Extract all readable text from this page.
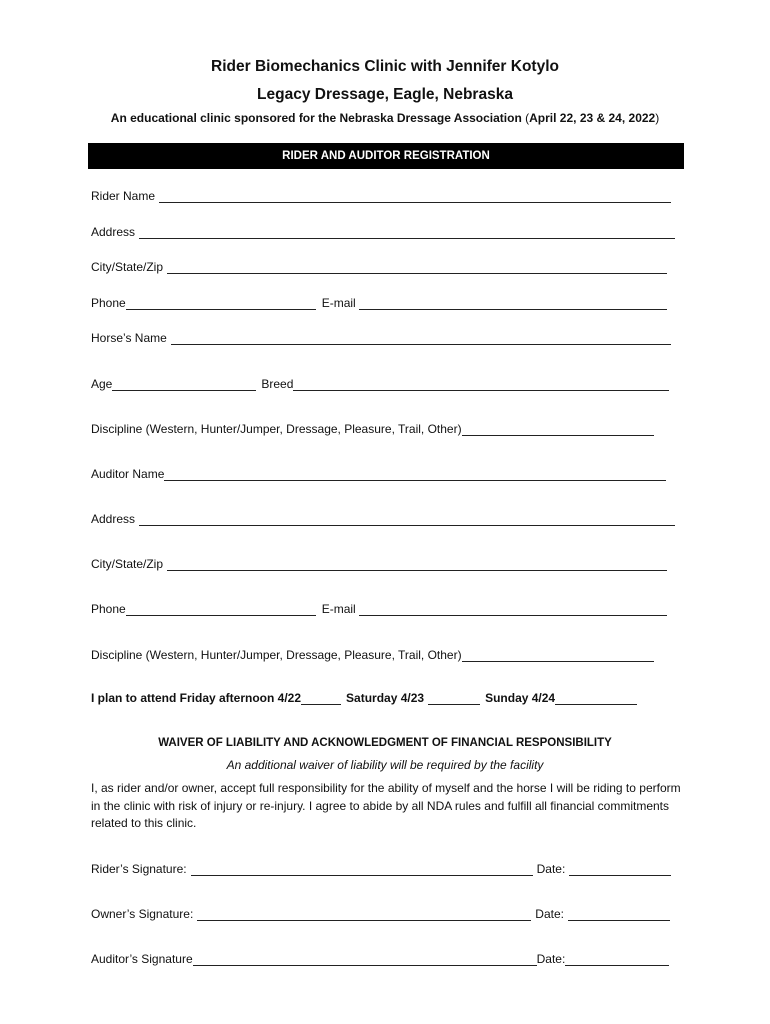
Rider Biomechanics Clinic with Jennifer Kotylo
Legacy Dressage, Eagle, Nebraska
An educational clinic sponsored for the Nebraska Dressage Association (April 22, 23 & 24, 2022)
RIDER AND AUDITOR REGISTRATION
Rider Name
Address
City/State/Zip
Phone	E-mail
Horse’s Name
Age	Breed
Discipline (Western, Hunter/Jumper, Dressage, Pleasure, Trail, Other)
Auditor Name
Address
City/State/Zip
Phone	E-mail
Discipline (Western, Hunter/Jumper, Dressage, Pleasure, Trail, Other)
I plan to attend Friday afternoon 4/22	Saturday 4/23	Sunday 4/24
WAIVER OF LIABILITY AND ACKNOWLEDGMENT OF FINANCIAL RESPONSIBILITY
An additional waiver of liability will be required by the facility
I, as rider and/or owner, accept full responsibility for the ability of myself and the horse I will be riding to perform in the clinic with risk of injury or re-injury. I agree to abide by all NDA rules and fulfill all financial commitments related to this clinic.
Rider’s Signature:	Date:
Owner’s Signature:	Date:
Auditor’s Signature	Date:
